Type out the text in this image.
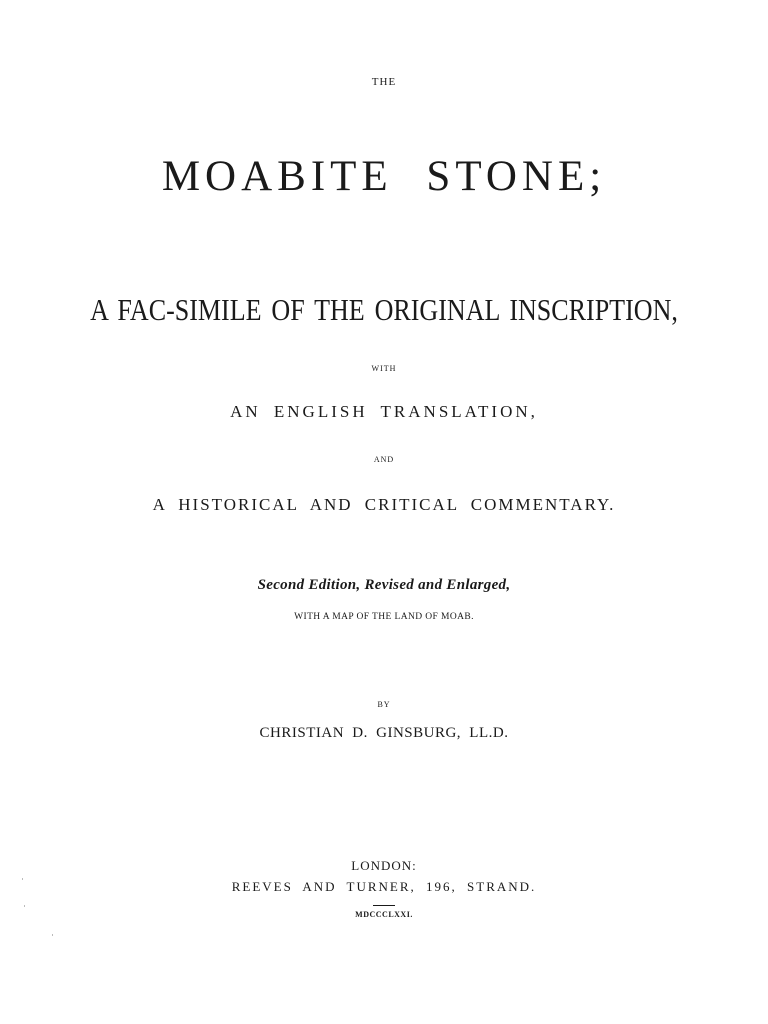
THE

MOABITE STONE;

A FAC-SIMILE OF THE ORIGINAL INSCRIPTION,

WITH

AN ENGLISH TRANSLATION,

AND

A HISTORICAL AND CRITICAL COMMENTARY.

Second Edition, Revised and Enlarged,

WITH A MAP OF THE LAND OF MOAB.

BY

CHRISTIAN D. GINSBURG, LL.D.

LONDON:

REEVES AND TURNER, 196, STRAND.

MDCCCLXXI.
